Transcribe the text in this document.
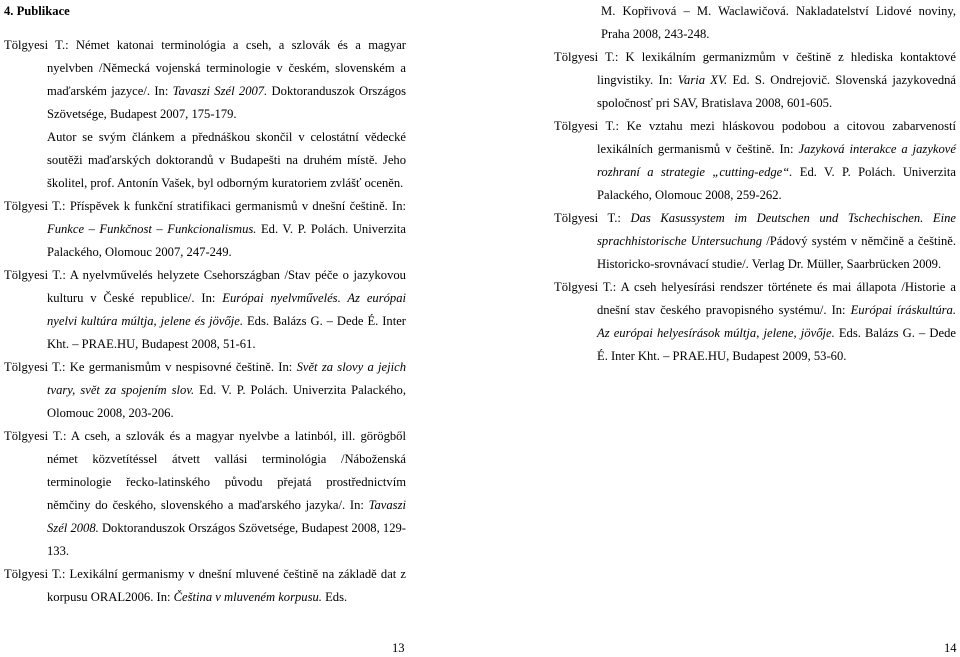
4. Publikace
Tölgyesi T.: Német katonai terminológia a cseh, a szlovák és a magyar nyelvben /Německá vojenská terminologie v českém, slovenském a maďarském jazyce/. In: Tavaszi Szél 2007. Doktoranduszok Országos Szövetsége, Budapest 2007, 175-179.
Autor se svým článkem a přednáškou skončil v celostátní vědecké soutěži maďarských doktorandů v Budapešti na druhém místě. Jeho školitel, prof. Antonín Vašek, byl odborným kuratoriem zvlášť oceněn.
Tölgyesi T.: Příspěvek k funkční stratifikaci germanismů v dnešní češtině. In: Funkce – Funkčnost – Funkcionalismus. Ed. V. P. Polách. Univerzita Palackého, Olomouc 2007, 247-249.
Tölgyesi T.: A nyelvművelés helyzete Csehországban /Stav péče o jazykovou kulturu v České republice/. In: Európai nyelvművelés. Az európai nyelvi kultúra múltja, jelene és jövője. Eds. Balázs G. – Dede É. Inter Kht. – PRAE.HU, Budapest 2008, 51-61.
Tölgyesi T.: Ke germanismům v nespisovné češtině. In: Svět za slovy a jejich tvary, svět za spojením slov. Ed. V. P. Polách. Univerzita Palackého, Olomouc 2008, 203-206.
Tölgyesi T.: A cseh, a szlovák és a magyar nyelvbe a latinból, ill. görögből német közvetítéssel átvett vallási terminológia /Náboženská terminologie řecko-latinského původu přejatá prostřednictvím němčiny do českého, slovenského a maďarského jazyka/. In: Tavaszi Szél 2008. Doktoranduszok Országos Szövetsége, Budapest 2008, 129-133.
Tölgyesi T.: Lexikální germanismy v dnešní mluvené češtině na základě dat z korpusu ORAL2006. In: Čeština v mluveném korpusu. Eds.
M. Kopřivová – M. Waclawičová. Nakladatelství Lidové noviny, Praha 2008, 243-248.
Tölgyesi T.: K lexikálním germanizmům v češtině z hlediska kontaktové lingvistiky. In: Varia XV. Ed. S. Ondrejovič. Slovenská jazykovedná spoločnosť pri SAV, Bratislava 2008, 601-605.
Tölgyesi T.: Ke vztahu mezi hláskovou podobou a citovou zabarveností lexikálních germanismů v češtině. In: Jazyková interakce a jazykové rozhraní a strategie „cutting-edge“. Ed. V. P. Polách. Univerzita Palackého, Olomouc 2008, 259-262.
Tölgyesi T.: Das Kasussystem im Deutschen und Tschechischen. Eine sprachhistorische Untersuchung /Pádový systém v němčině a češtině. Historicko-srovnávací studie/. Verlag Dr. Müller, Saarbrücken 2009.
Tölgyesi T.: A cseh helyesírási rendszer története és mai állapota /Historie a dnešní stav českého pravopisného systému/. In: Európai íráskultúra. Az európai helyesírások múltja, jelene, jövője. Eds. Balázs G. – Dede É. Inter Kht. – PRAE.HU, Budapest 2009, 53-60.
13	14
